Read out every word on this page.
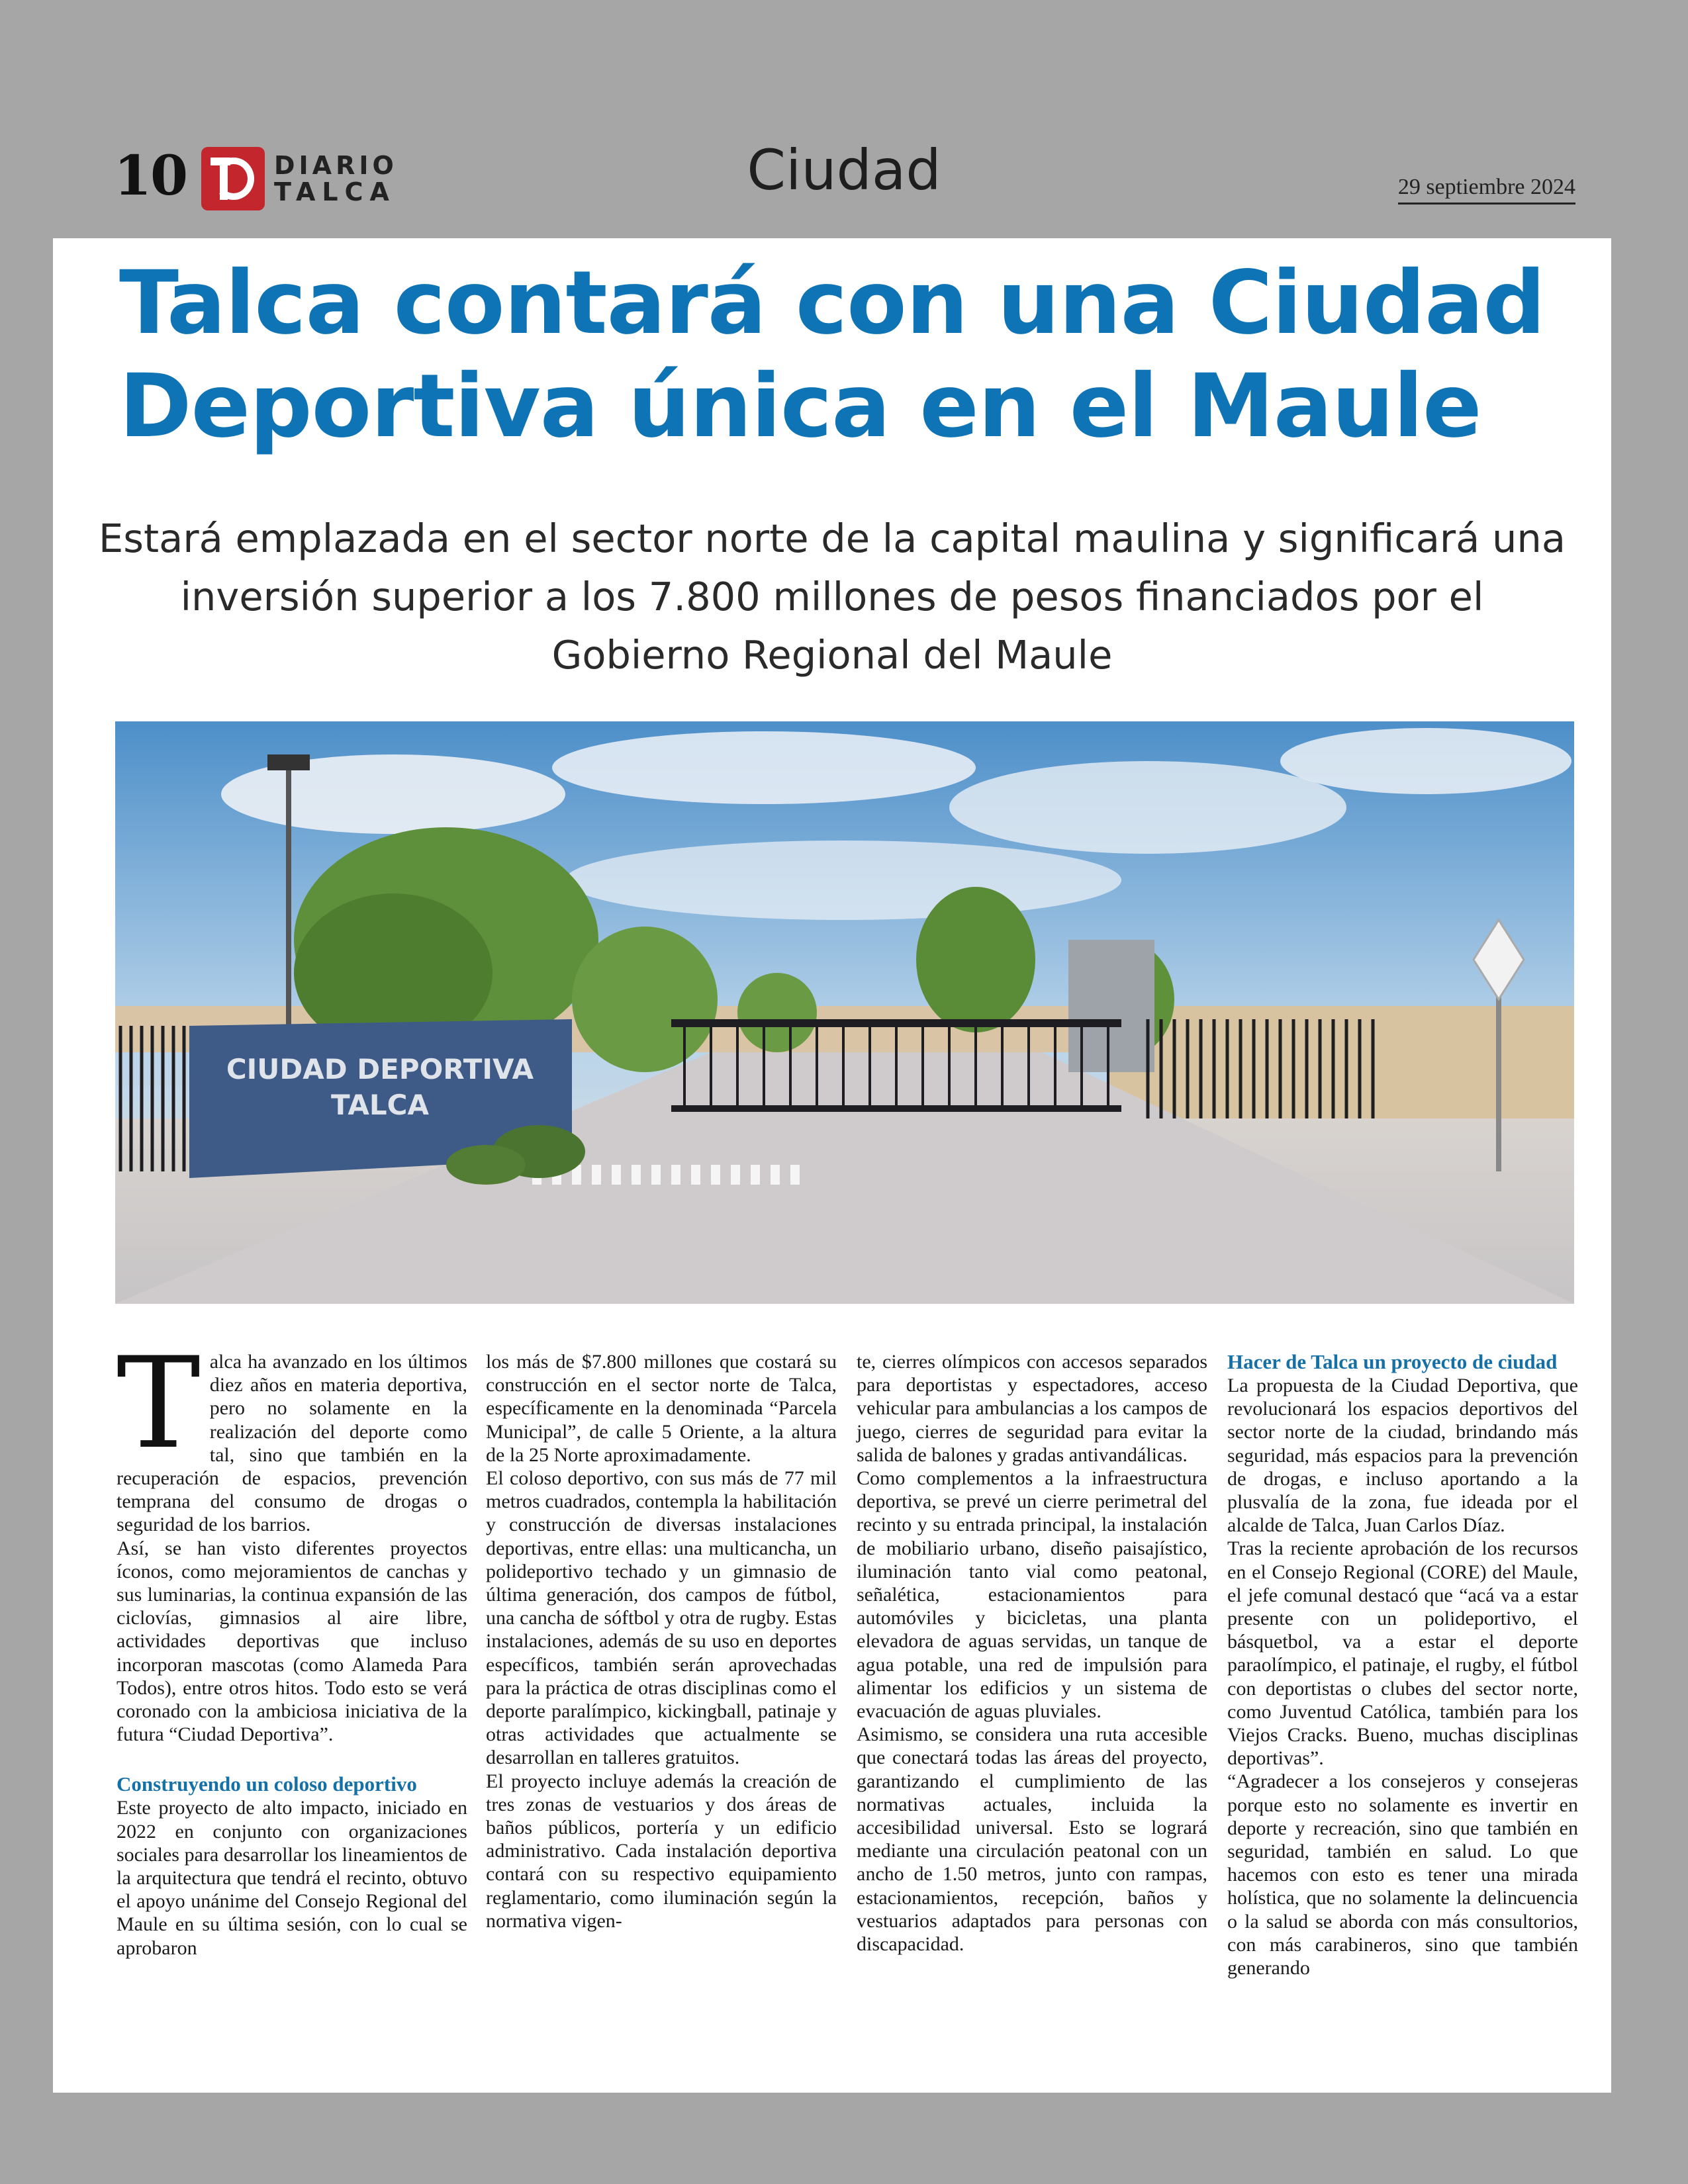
10	DIARIO
TALCA	Ciudad	29 septiembre 2024
Talca contará con una Ciudad Deportiva única en el Maule
Estará emplazada en el sector norte de la capital maulina y significará una inversión superior a los 7.800 millones de pesos financiados por el Gobierno Regional del Maule
CIUDAD DEPORTIVA
TALCA
T alca ha avanzado en los últimos diez años en materia deportiva, pero no solamente en la realización del deporte como tal, sino que también en la recuperación de espacios, prevención temprana del consumo de drogas o seguridad de los barrios.

Así, se han visto diferentes proyectos íconos, como mejoramientos de canchas y sus luminarias, la continua expansión de las ciclovías, gimnasios al aire libre, actividades deportivas que incluso incorporan mascotas (como Alameda Para Todos), entre otros hitos. Todo esto se verá coronado con la ambiciosa iniciativa de la futura “Ciudad Deportiva”.

Construyendo un coloso deportivo

Este proyecto de alto impacto, iniciado en 2022 en conjunto con organizaciones sociales para desarrollar los lineamientos de la arquitectura que tendrá el recinto, obtuvo el apoyo unánime del Consejo Regional del Maule en su última sesión, con lo cual se aprobaron

los más de $7.800 millones que costará su construcción en el sector norte de Talca, específicamente en la denominada “Parcela Municipal”, de calle 5 Oriente, a la altura de la 25 Norte aproximadamente.

El coloso deportivo, con sus más de 77 mil metros cuadrados, contempla la habilitación y construcción de diversas instalaciones deportivas, entre ellas: una multicancha, un polideportivo techado y un gimnasio de última generación, dos campos de fútbol, una cancha de sóftbol y otra de rugby. Estas instalaciones, además de su uso en deportes específicos, también serán aprovechadas para la práctica de otras disciplinas como el deporte paralímpico, kickingball, patinaje y otras actividades que actualmente se desarrollan en talleres gratuitos.

El proyecto incluye además la creación de tres zonas de vestuarios y dos áreas de baños públicos, portería y un edificio administrativo. Cada instalación deportiva contará con su respectivo equipamiento reglamentario, como iluminación según la normativa vigen-

te, cierres olímpicos con accesos separados para deportistas y espectadores, acceso vehicular para ambulancias a los campos de juego, cierres de seguridad para evitar la salida de balones y gradas antivandálicas.

Como complementos a la infraestructura deportiva, se prevé un cierre perimetral del recinto y su entrada principal, la instalación de mobiliario urbano, diseño paisajístico, iluminación tanto vial como peatonal, señalética, estacionamientos para automóviles y bicicletas, una planta elevadora de aguas servidas, un tanque de agua potable, una red de impulsión para alimentar los edificios y un sistema de evacuación de aguas pluviales.

Asimismo, se considera una ruta accesible que conectará todas las áreas del proyecto, garantizando el cumplimiento de las normativas actuales, incluida la accesibilidad universal. Esto se logrará mediante una circulación peatonal con un ancho de 1.50 metros, junto con rampas, estacionamientos, recepción, baños y vestuarios adaptados para personas con discapacidad.

Hacer de Talca un proyecto de ciudad

La propuesta de la Ciudad Deportiva, que revolucionará los espacios deportivos del sector norte de la ciudad, brindando más seguridad, más espacios para la prevención de drogas, e incluso aportando a la plusvalía de la zona, fue ideada por el alcalde de Talca, Juan Carlos Díaz.

Tras la reciente aprobación de los recursos en el Consejo Regional (CORE) del Maule, el jefe comunal destacó que “acá va a estar presente con un polideportivo, el básquetbol, va a estar el deporte paraolímpico, el patinaje, el rugby, el fútbol con deportistas o clubes del sector norte, como Juventud Católica, también para los Viejos Cracks. Bueno, muchas disciplinas deportivas”.

“Agradecer a los consejeros y consejeras porque esto no solamente es invertir en deporte y recreación, sino que también en seguridad, también en salud. Lo que hacemos con esto es tener una mirada holística, que no solamente la delincuencia o la salud se aborda con más consultorios, con más carabineros, sino que también generando
